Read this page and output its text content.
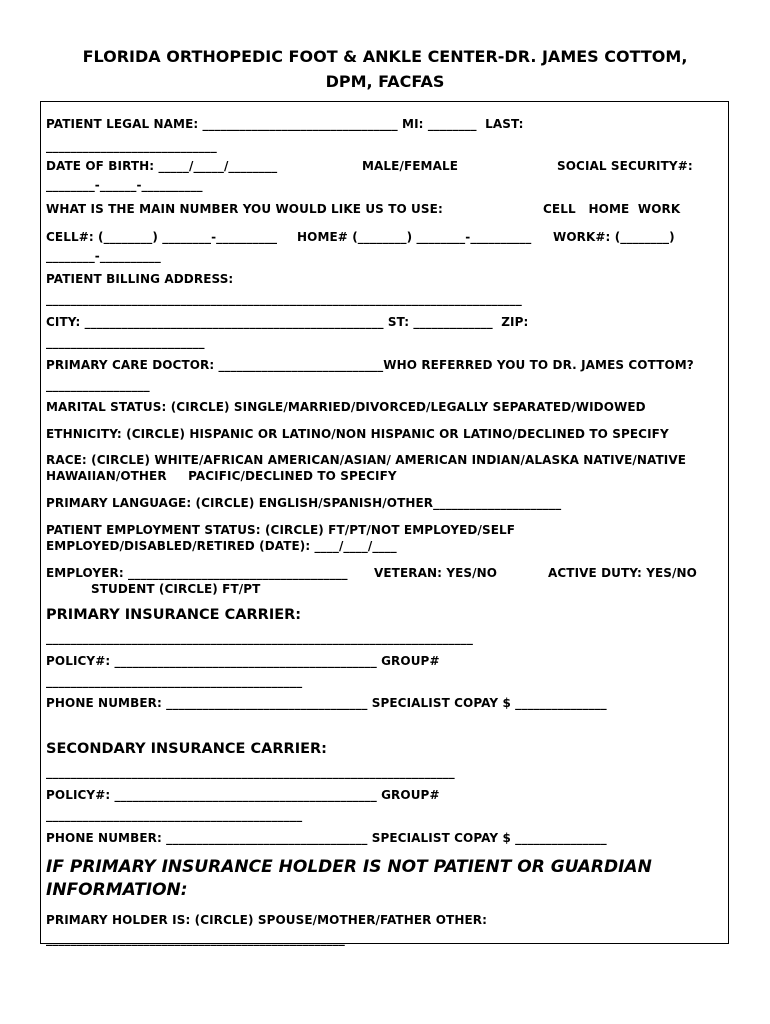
FLORIDA ORTHOPEDIC FOOT & ANKLE CENTER-DR. JAMES COTTOM,
DPM, FACFAS
PATIENT LEGAL NAME: ________________________________ MI: ________  LAST:
____________________________
DATE OF BIRTH: _____/_____/________	MALE/FEMALE	SOCIAL SECURITY#:
________-______-__________
WHAT IS THE MAIN NUMBER YOU WOULD LIKE US TO USE:	CELL   HOME  WORK
CELL#: (________) ________-__________ HOME# (________) ________-__________ WORK#: (________)
________-__________
PATIENT BILLING ADDRESS:
______________________________________________________________________________
CITY: _________________________________________________ ST: _____________  ZIP:
__________________________
PRIMARY CARE DOCTOR: ___________________________WHO REFERRED YOU TO DR. JAMES COTTOM?
_________________
MARITAL STATUS: (CIRCLE) SINGLE/MARRIED/DIVORCED/LEGALLY SEPARATED/WIDOWED
ETHNICITY: (CIRCLE) HISPANIC OR LATINO/NON HISPANIC OR LATINO/DECLINED TO SPECIFY
RACE: (CIRCLE) WHITE/AFRICAN AMERICAN/ASIAN/ AMERICAN INDIAN/ALASKA NATIVE/NATIVE
HAWAIIAN/OTHER     PACIFIC/DECLINED TO SPECIFY
PRIMARY LANGUAGE: (CIRCLE) ENGLISH/SPANISH/OTHER_____________________
PATIENT EMPLOYMENT STATUS: (CIRCLE) FT/PT/NOT EMPLOYED/SELF
EMPLOYED/DISABLED/RETIRED (DATE): ____/____/____
EMPLOYER: ____________________________________ VETERAN: YES/NO	ACTIVE DUTY: YES/NO
STUDENT (CIRCLE) FT/PT
PRIMARY INSURANCE CARRIER:
______________________________________________________________________
POLICY#: ___________________________________________ GROUP#
__________________________________________
PHONE NUMBER: _________________________________ SPECIALIST COPAY $ _______________
SECONDARY INSURANCE CARRIER:
___________________________________________________________________
POLICY#: ___________________________________________ GROUP#
__________________________________________
PHONE NUMBER: _________________________________ SPECIALIST COPAY $ _______________
IF PRIMARY INSURANCE HOLDER IS NOT PATIENT OR GUARDIAN
INFORMATION:
PRIMARY HOLDER IS: (CIRCLE) SPOUSE/MOTHER/FATHER OTHER:
_________________________________________________
